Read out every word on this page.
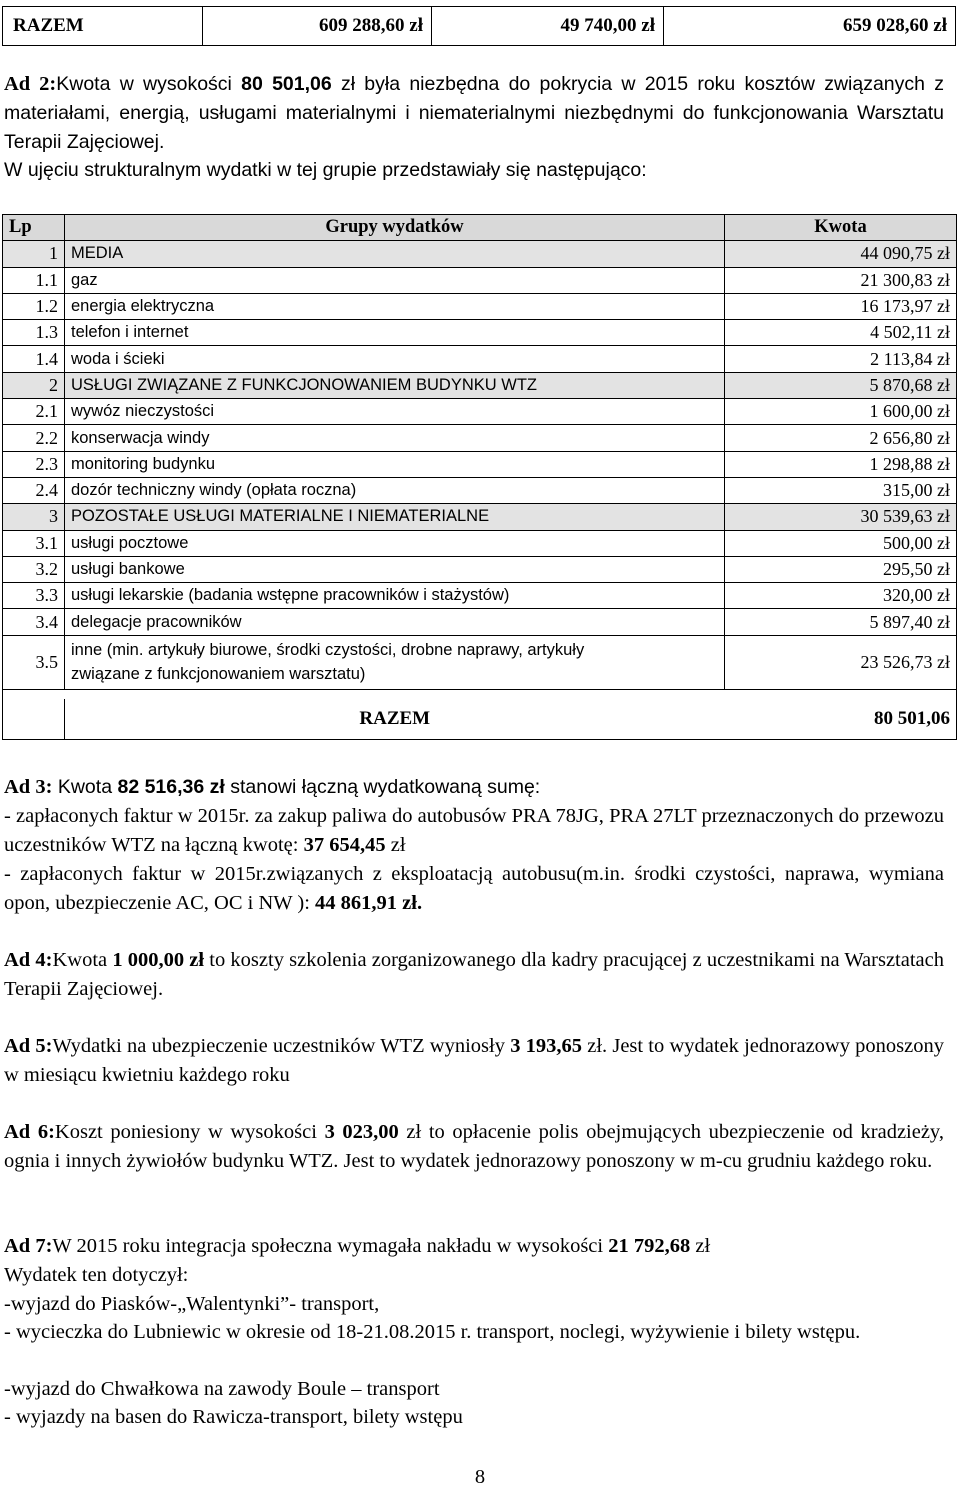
RAZEM	609 288,60 zł	49 740,00 zł	659 028,60 zł
Ad 2:Kwota w wysokości 80 501,06 zł była niezbędna do pokrycia w 2015 roku kosztów związanych z materiałami, energią, usługami materialnymi i niematerialnymi niezbędnymi do funkcjonowania Warsztatu Terapii Zajęciowej.
W ujęciu strukturalnym wydatki w tej grupie przedstawiały się następująco:
Lp	Grupy wydatków	Kwota
1	MEDIA	44 090,75 zł
1.1	gaz	21 300,83 zł
1.2	energia elektryczna	16 173,97 zł
1.3	telefon i internet	4 502,11 zł
1.4	woda i ścieki	2 113,84 zł
2	USŁUGI ZWIĄZANE Z FUNKCJONOWANIEM BUDYNKU WTZ	5 870,68 zł
2.1	wywóz nieczystości	1 600,00 zł
2.2	konserwacja windy	2 656,80 zł
2.3	monitoring budynku	1 298,88 zł
2.4	dozór techniczny windy (opłata roczna)	315,00 zł
3	POZOSTAŁE USŁUGI MATERIALNE I NIEMATERIALNE	30 539,63 zł
3.1	usługi pocztowe	500,00 zł
3.2	usługi bankowe	295,50 zł
3.3	usługi lekarskie (badania wstępne pracowników i stażystów)	320,00 zł
3.4	delegacje pracowników	5 897,40 zł
3.5	inne (min. artykuły biurowe, środki czystości, drobne naprawy, artykuły
związane z funkcjonowaniem warsztatu)	23 526,73 zł

	RAZEM	80 501,06
Ad 3: Kwota 82 516,36 zł stanowi łączną wydatkowaną sumę:
- zapłaconych faktur w 2015r. za zakup paliwa do autobusów PRA 78JG, PRA 27LT przeznaczonych do przewozu uczestników WTZ na łączną kwotę: 37 654,45 zł
- zapłaconych faktur w 2015r.związanych z eksploatacją autobusu(m.in. środki czystości, naprawa, wymiana opon, ubezpieczenie AC, OC i NW ): 44 861,91 zł.
Ad 4:Kwota 1 000,00 zł to koszty szkolenia zorganizowanego dla kadry pracującej z uczestnikami na Warsztatach Terapii Zajęciowej.
Ad 5:Wydatki na ubezpieczenie uczestników WTZ wyniosły 3 193,65 zł. Jest to wydatek jednorazowy ponoszony w miesiącu kwietniu każdego roku
Ad 6:Koszt poniesiony w wysokości 3 023,00 zł to opłacenie polis obejmujących ubezpieczenie od kradzieży, ognia i innych żywiołów budynku WTZ. Jest to wydatek jednorazowy ponoszony w m-cu grudniu każdego roku.
Ad 7:W 2015 roku integracja społeczna wymagała nakładu w wysokości 21 792,68 zł
Wydatek ten dotyczył:
-wyjazd do Piasków-„Walentynki”- transport,
- wycieczka do Lubniewic w okresie od 18-21.08.2015 r. transport, noclegi, wyżywienie i bilety wstępu.
-wyjazd do Chwałkowa na zawody Boule – transport
- wyjazdy na basen do Rawicza-transport, bilety wstępu
8
